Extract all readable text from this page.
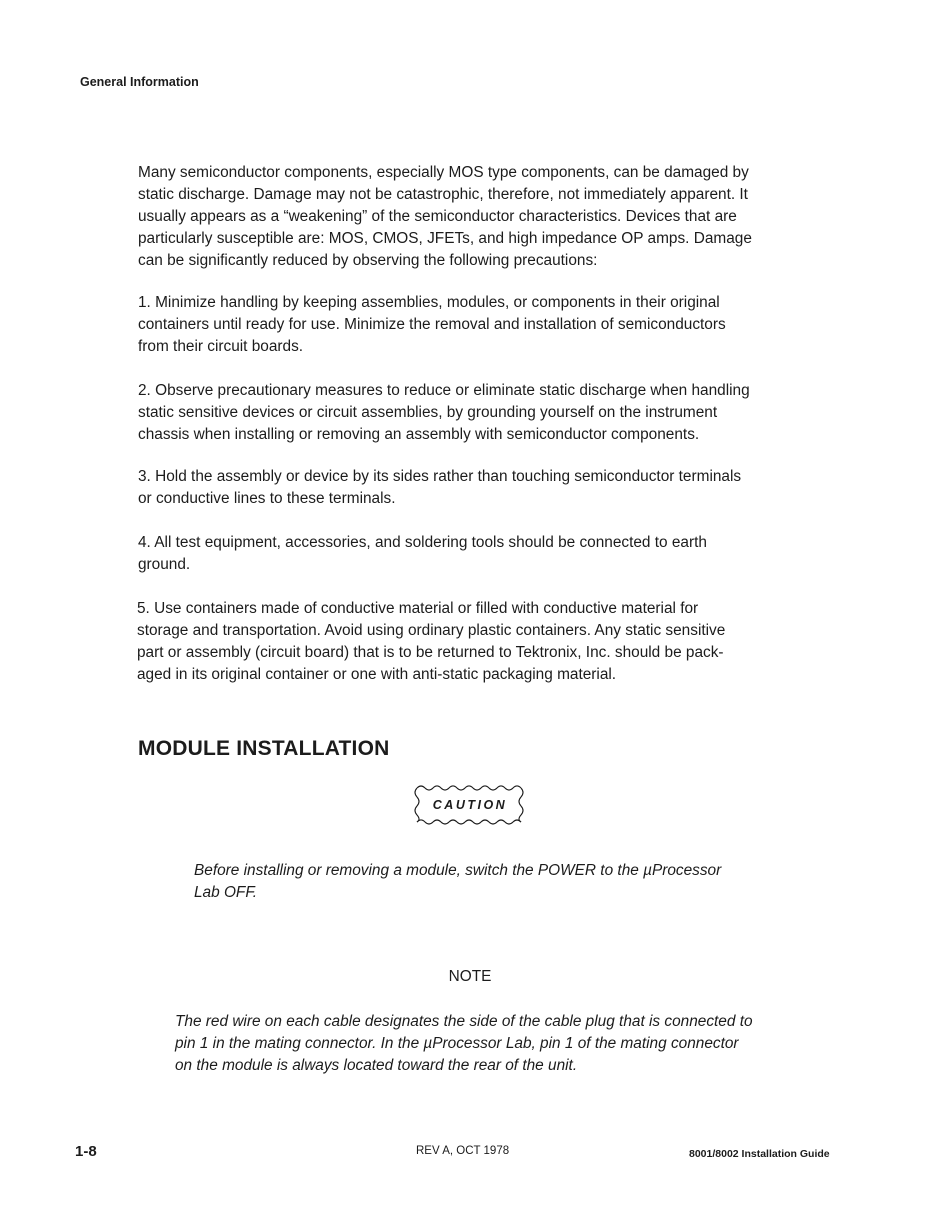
General Information
Many semiconductor components, especially MOS type components, can be damaged by
static discharge. Damage may not be catastrophic, therefore, not immediately apparent. It
usually appears as a “weakening” of the semiconductor characteristics. Devices that are
particularly susceptible are: MOS, CMOS, JFETs, and high impedance OP amps. Damage
can be significantly reduced by observing the following precautions:
1. Minimize handling by keeping assemblies, modules, or components in their original
containers until ready for use. Minimize the removal and installation of semiconductors
from their circuit boards.
2. Observe precautionary measures to reduce or eliminate static discharge when handling
static sensitive devices or circuit assemblies, by grounding yourself on the instrument
chassis when installing or removing an assembly with semiconductor components.
3. Hold the assembly or device by its sides rather than touching semiconductor terminals
or conductive lines to these terminals.
4. All test equipment, accessories, and soldering tools should be connected to earth
ground.
5. Use containers made of conductive material or filled with conductive material for
storage and transportation. Avoid using ordinary plastic containers. Any static sensitive
part or assembly (circuit board) that is to be returned to Tektronix, Inc. should be pack-
aged in its original container or one with anti-static packaging material.
MODULE INSTALLATION
CAUTION
Before installing or removing a module, switch the POWER to the µProcessor
Lab OFF.
NOTE
The red wire on each cable designates the side of the cable plug that is connected to
pin 1 in the mating connector. In the µProcessor Lab, pin 1 of the mating connector
on the module is always located toward the rear of the unit.
1-8	REV A, OCT 1978	8001/8002 Installation Guide
